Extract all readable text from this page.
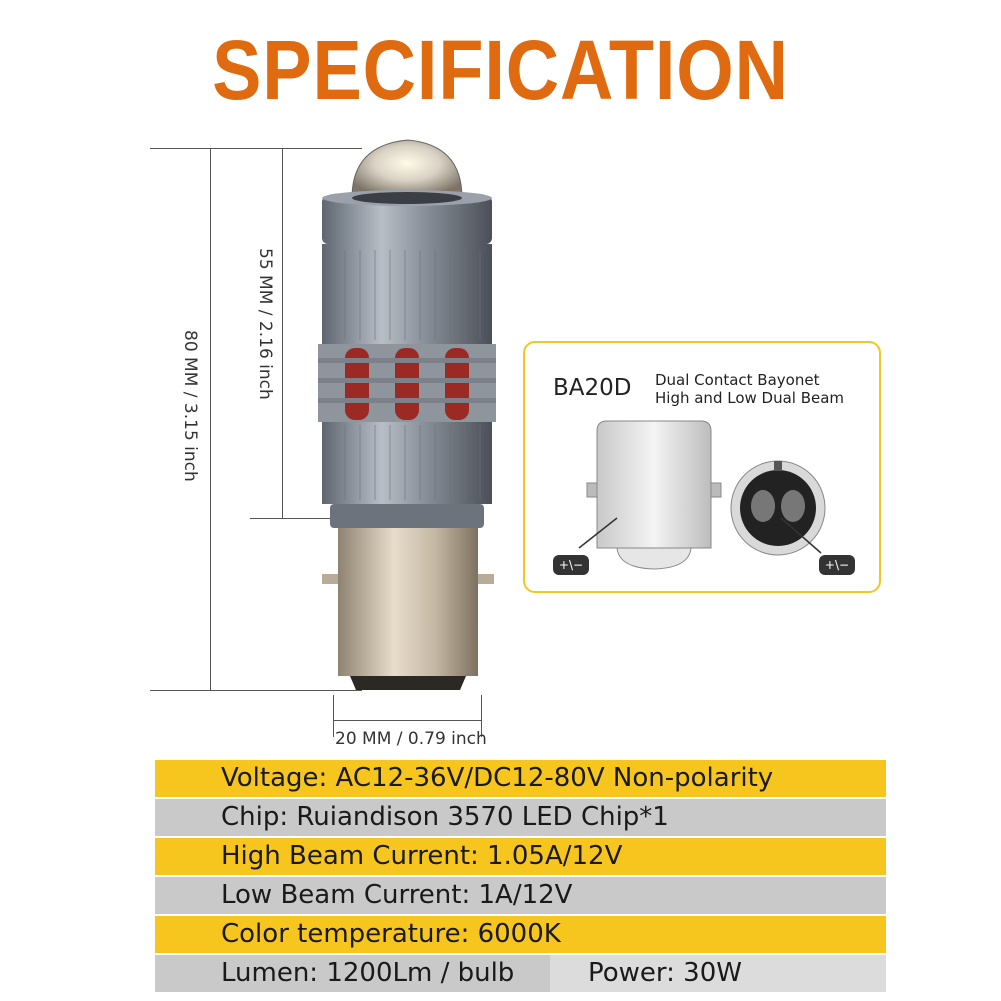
SPECIFICATION
80 MM / 3.15 inch
55 MM / 2.16 inch
20 MM / 0.79 inch
BA20D Dual Contact Bayonet
High and Low Dual Beam
+\−	+\−
Voltage: AC12-36V/DC12-80V Non-polarity
Chip: Ruiandison 3570 LED Chip*1
High Beam Current: 1.05A/12V
Low Beam Current: 1A/12V
Color temperature: 6000K
Lumen: 1200Lm / bulb	Power: 30W
